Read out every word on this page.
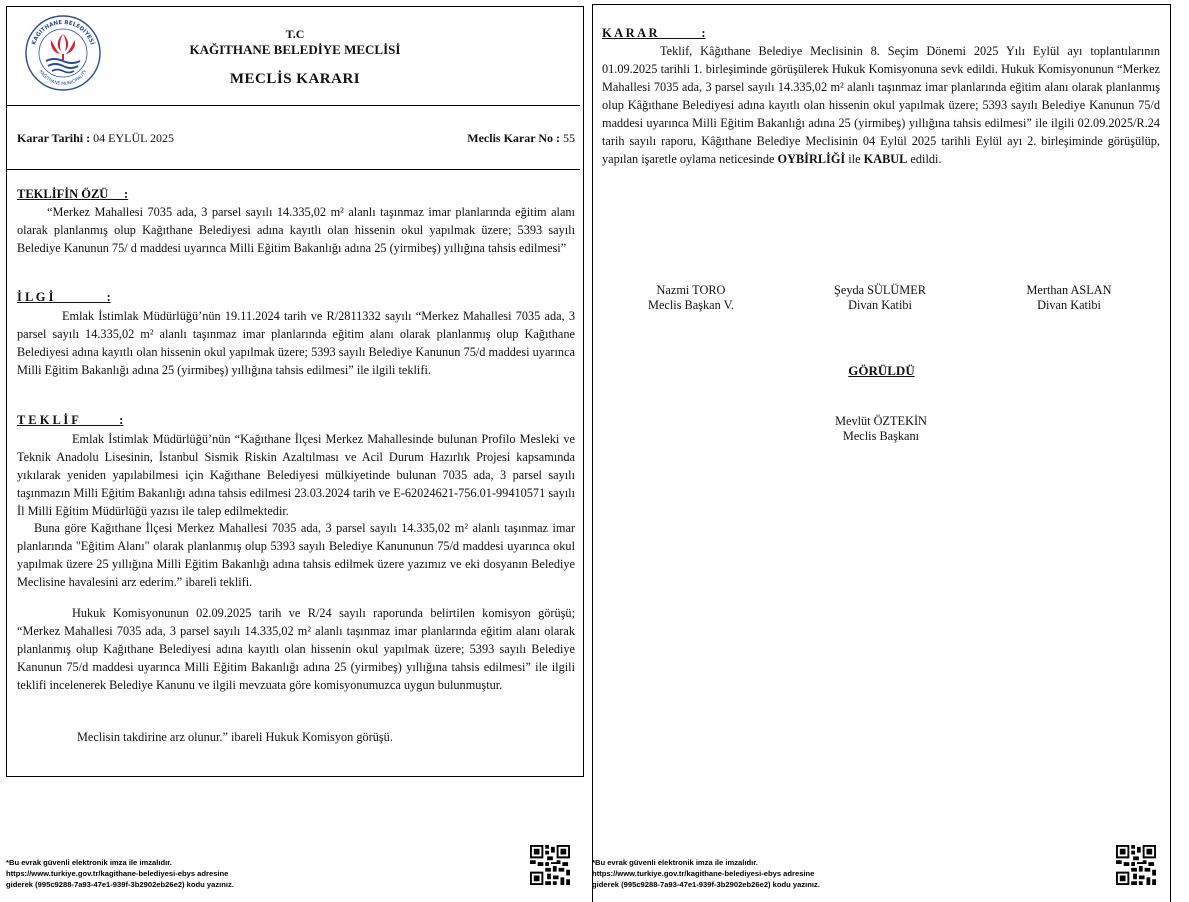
KAĞITHANE BELEDİYESİ
KAĞITHANE MUNICIPALITY
T.C
KAĞITHANE BELEDİYE MECLİSİ
MECLİS KARARI
Karar Tarihi : 04 EYLÜL 2025	Meclis Karar No : 55
TEKLİFİN ÖZÜ     :

“Merkez Mahallesi 7035 ada, 3 parsel sayılı 14.335,02 m² alanlı taşınmaz imar planlarında eğitim alanı olarak planlanmış olup Kağıthane Belediyesi adına kayıtlı olan hissenin okul yapılmak üzere; 5393 sayılı Belediye Kanunun 75/ d maddesi uyarınca Milli Eğitim Bakanlığı adına 25 (yirmibeş) yıllığına tahsis edilmesi”

İ L G İ                 :

Emlak İstimlak Müdürlüğü’nün 19.11.2024 tarih ve R/2811332 sayılı “Merkez Mahallesi 7035 ada, 3 parsel sayılı 14.335,02 m² alanlı taşınmaz imar planlarında eğitim alanı olarak planlanmış olup Kağıthane Belediyesi adına kayıtlı olan hissenin okul yapılmak üzere; 5393 sayılı Belediye Kanunun 75/d maddesi uyarınca Milli Eğitim Bakanlığı adına 25 (yirmibeş) yıllığına tahsis edilmesi” ile ilgili teklifi.

T E K L İ F             :

Emlak İstimlak Müdürlüğü’nün “Kağıthane İlçesi Merkez Mahallesinde bulunan Profilo Mesleki ve Teknik Anadolu Lisesinin, İstanbul Sismik Riskin Azaltılması ve Acil Durum Hazırlık Projesi kapsamında yıkılarak yeniden yapılabilmesi için Kağıthane Belediyesi mülkiyetinde bulunan 7035 ada, 3 parsel sayılı taşınmazın Milli Eğitim Bakanlığı adına tahsis edilmesi 23.03.2024 tarih ve E-62024621-756.01-99410571 sayılı İl Milli Eğitim Müdürlüğü yazısı ile talep edilmektedir.

Buna göre Kağıthane İlçesi Merkez Mahallesi 7035 ada, 3 parsel sayılı 14.335,02 m² alanlı taşınmaz imar planlarında "Eğitim Alanı" olarak planlanmış olup 5393 sayılı Belediye Kanununun 75/d maddesi uyarınca okul yapılmak üzere 25 yıllığına Milli Eğitim Bakanlığı adına tahsis edilmek üzere yazımız ve eki dosyanın Belediye Meclisine havalesini arz ederim.” ibareli teklifi.

Hukuk Komisyonunun 02.09.2025 tarih ve R/24 sayılı raporunda belirtilen komisyon görüşü; “Merkez Mahallesi 7035 ada, 3 parsel sayılı 14.335,02 m² alanlı taşınmaz imar planlarında eğitim alanı olarak planlanmış olup Kağıthane Belediyesi adına kayıtlı olan hissenin okul yapılmak üzere; 5393 sayılı Belediye Kanunun 75/d maddesi uyarınca Milli Eğitim Bakanlığı adına 25 (yirmibeş) yıllığına tahsis edilmesi” ile ilgili teklifi incelenerek Belediye Kanunu ve ilgili mevzuata göre komisyonumuzca uygun bulunmuştur.

Meclisin takdirine arz olunur.” ibareli Hukuk Komisyon görüşü.

*Bu evrak güvenli elektronik imza ile imzalıdır.
https://www.turkiye.gov.tr/kagithane-belediyesi-ebys adresine
giderek (995c9288-7a93-47e1-939f-3b2902eb26e2) kodu yazınız.
K A R A R              :

Teklif, Kâğıthane Belediye Meclisinin 8. Seçim Dönemi 2025 Yılı Eylül ayı toplantılarının 01.09.2025 tarihli 1. birleşiminde görüşülerek Hukuk Komisyonuna sevk edildi. Hukuk Komisyonunun “Merkez Mahallesi 7035 ada, 3 parsel sayılı 14.335,02 m² alanlı taşınmaz imar planlarında eğitim alanı olarak planlanmış olup Kâğıthane Belediyesi adına kayıtlı olan hissenin okul yapılmak üzere; 5393 sayılı Belediye Kanunun 75/d maddesi uyarınca Milli Eğitim Bakanlığı adına 25 (yirmibeş) yıllığına tahsis edilmesi” ile ilgili 02.09.2025/R.24 tarih sayılı raporu, Kâğıthane Belediye Meclisinin 04 Eylül 2025 tarihli Eylül ayı 2. birleşiminde görüşülüp, yapılan işaretle oylama neticesinde OYBİRLİĞİ ile KABUL edildi.

Nazmi TORO
Meclis Başkan V.
Şeyda SÜLÜMER
Divan Katibi
Merthan ASLAN
Divan Katibi
GÖRÜLDÜ
Mevlüt ÖZTEKİN
Meclis Başkanı
*Bu evrak güvenli elektronik imza ile imzalıdır.
https://www.turkiye.gov.tr/kagithane-belediyesi-ebys adresine
giderek (995c9288-7a93-47e1-939f-3b2902eb26e2) kodu yazınız.
